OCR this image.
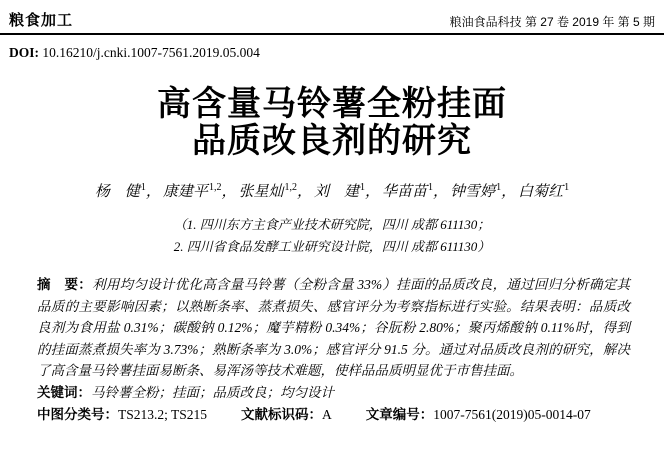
粮食加工	粮油食品科技 第 27 卷 2019 年 第 5 期
DOI: 10.16210/j.cnki.1007-7561.2019.05.004
高含量马铃薯全粉挂面
品质改良剂的研究
杨　健$^1$， 康建平$^{1,2}$， 张星灿$^{1,2}$， 刘　建$^1$， 华苗苗$^1$， 钟雪婷$^1$， 白菊红$^1$
（1. 四川东方主食产业技术研究院，四川 成都 611130；
2. 四川省食品发酵工业研究设计院，四川 成都 611130）
摘　要：利用均匀设计优化高含量马铃薯（全粉含量 33%）挂面的品质改良，通过回归分析确定其品质的主要影响因素；以熟断条率、蒸煮损失、感官评分为考察指标进行实验。结果表明：品质改良剂为食用盐 0.31%；碳酸钠 0.12%；魔芋精粉 0.34%；谷朊粉 2.80%；聚丙烯酸钠 0.11%时，得到的挂面蒸煮损失率为 3.73%；熟断条率为 3.0%；感官评分 91.5 分。通过对品质改良剂的研究，解决了高含量马铃薯挂面易断条、易浑汤等技术难题，使样品品质明显优于市售挂面。
关键词：马铃薯全粉；挂面；品质改良；均匀设计
中图分类号：TS213.2; TS215	文献标识码：A	文章编号：1007-7561(2019)05-0014-07
